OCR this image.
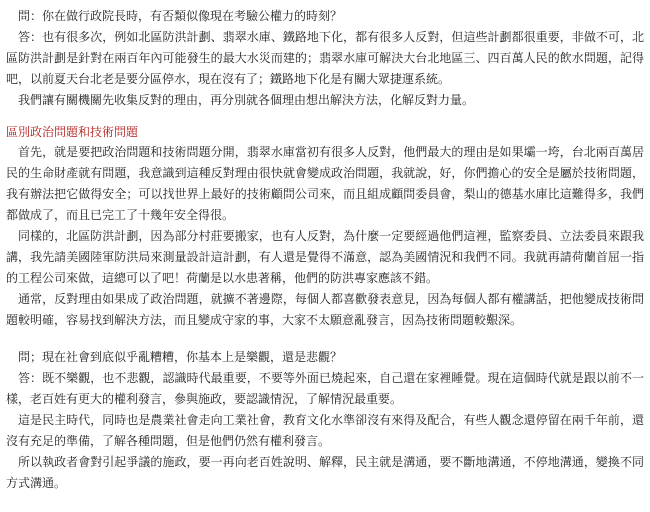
問：你在做行政院長時，有否類似像現在考驗公權力的時刻？

答：也有很多次，例如北區防洪計劃、翡翠水庫、鐵路地下化，都有很多人反對，但這些計劃都很重要，非做不可，北區防洪計劃是針對在兩百年內可能發生的最大水災而建的；翡翠水庫可解決大台北地區三、四百萬人民的飲水問題，記得吧，以前夏天台北老是要分區停水，現在沒有了；鐵路地下化是有關大眾捷運系統。

我們讓有關機關先收集反對的理由，再分別就各個理由想出解決方法，化解反對力量。

區別政治問題和技術問題

首先，就是要把政治問題和技術問題分開，翡翠水庫當初有很多人反對，他們最大的理由是如果壩一垮，台北兩百萬居民的生命財產就有問題，我意識到這種反對理由很快就會變成政治問題，我就說，好，你們擔心的安全是屬於技術問題，我有辦法把它做得安全；可以找世界上最好的技術顧問公司來，而且組成顧問委員會，梨山的德基水庫比這難得多，我們都做成了，而且已完工了十幾年安全得很。

同樣的，北區防洪計劃，因為部分村莊要搬家，也有人反對，為什麼一定要經過他們這裡，監察委員、立法委員來跟我講，我先請美國陸軍防洪局來測量設計這計劃，有人還是覺得不滿意，認為美國情況和我們不同。我就再請荷蘭首屈一指的工程公司來做，這總可以了吧！荷蘭是以水患著稱，他們的防洪專家應該不錯。

通常，反對理由如果成了政治問題，就擴不著邊際，每個人都喜歡發表意見，因為每個人都有權講話，把他變成技術問題較明確，容易找到解決方法，而且變成守家的事，大家不太願意亂發言，因為技術問題較艱深。

問；現在社會到底似乎亂糟糟，你基本上是樂觀，還是悲觀？

答：既不樂觀，也不悲觀，認識時代最重要，不要等外面已燒起來，自己還在家裡睡覺。現在這個時代就是跟以前不一樣，老百姓有更大的權利發言，參與施政，要認識情況，了解情況最重要。

這是民主時代，同時也是農業社會走向工業社會，教育文化水準卻沒有來得及配合，有些人觀念還停留在兩千年前，還沒有充足的準備，了解各種問題，但是他們仍然有權利發言。

所以執政者會對引起爭議的施政，要一再向老百姓說明、解釋，民主就是溝通，要不斷地溝通，不停地溝通，變換不同方式溝通。
